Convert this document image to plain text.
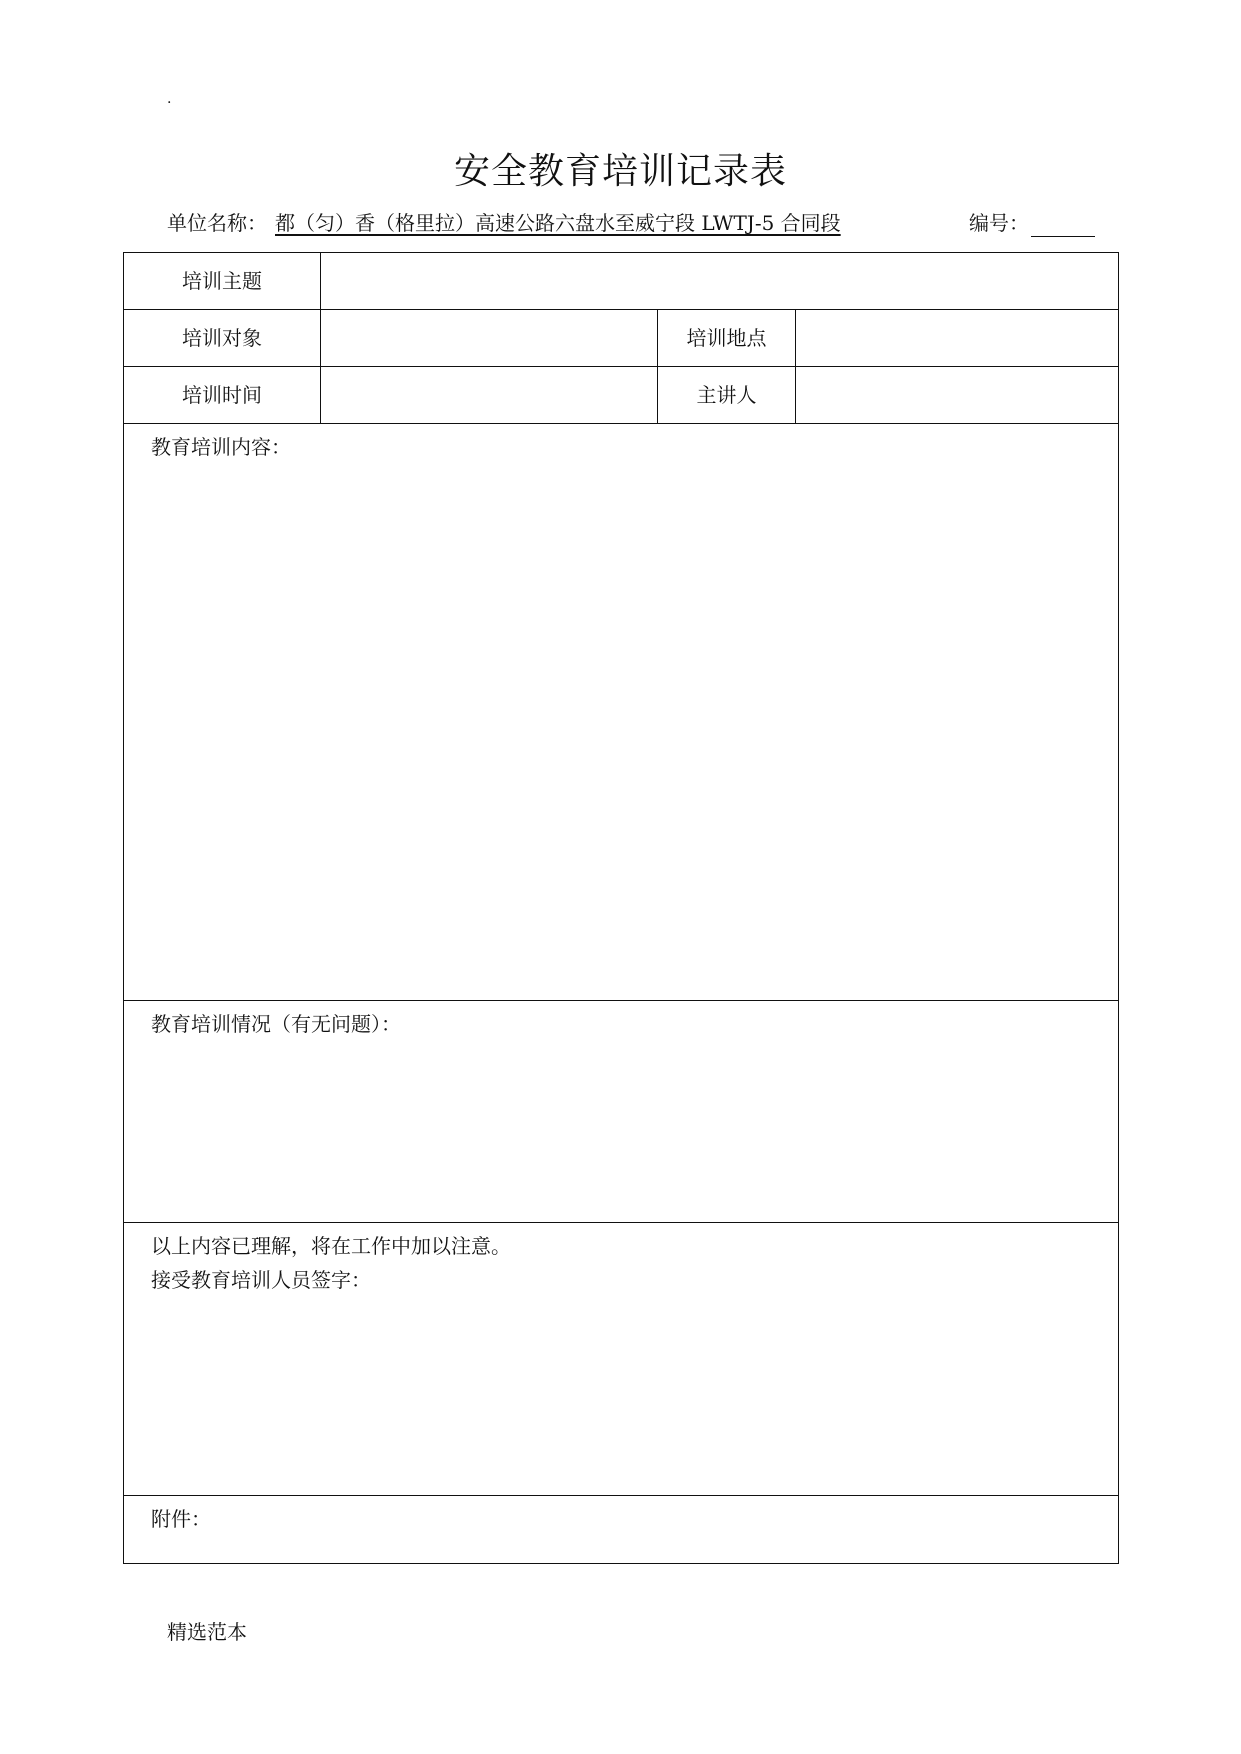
.
安全教育培训记录表
单位名称： 都（匀）香（格里拉）高速公路六盘水至威宁段 LWTJ-5 合同段	编号：
培训主题			
培训对象		培训地点	
培训时间		主讲人	

教育培训内容：			

教育培训情况（有无问题）：			

以上内容已理解，将在工作中加以注意。
接受教育培训人员签字：			

附件：			
精选范本
